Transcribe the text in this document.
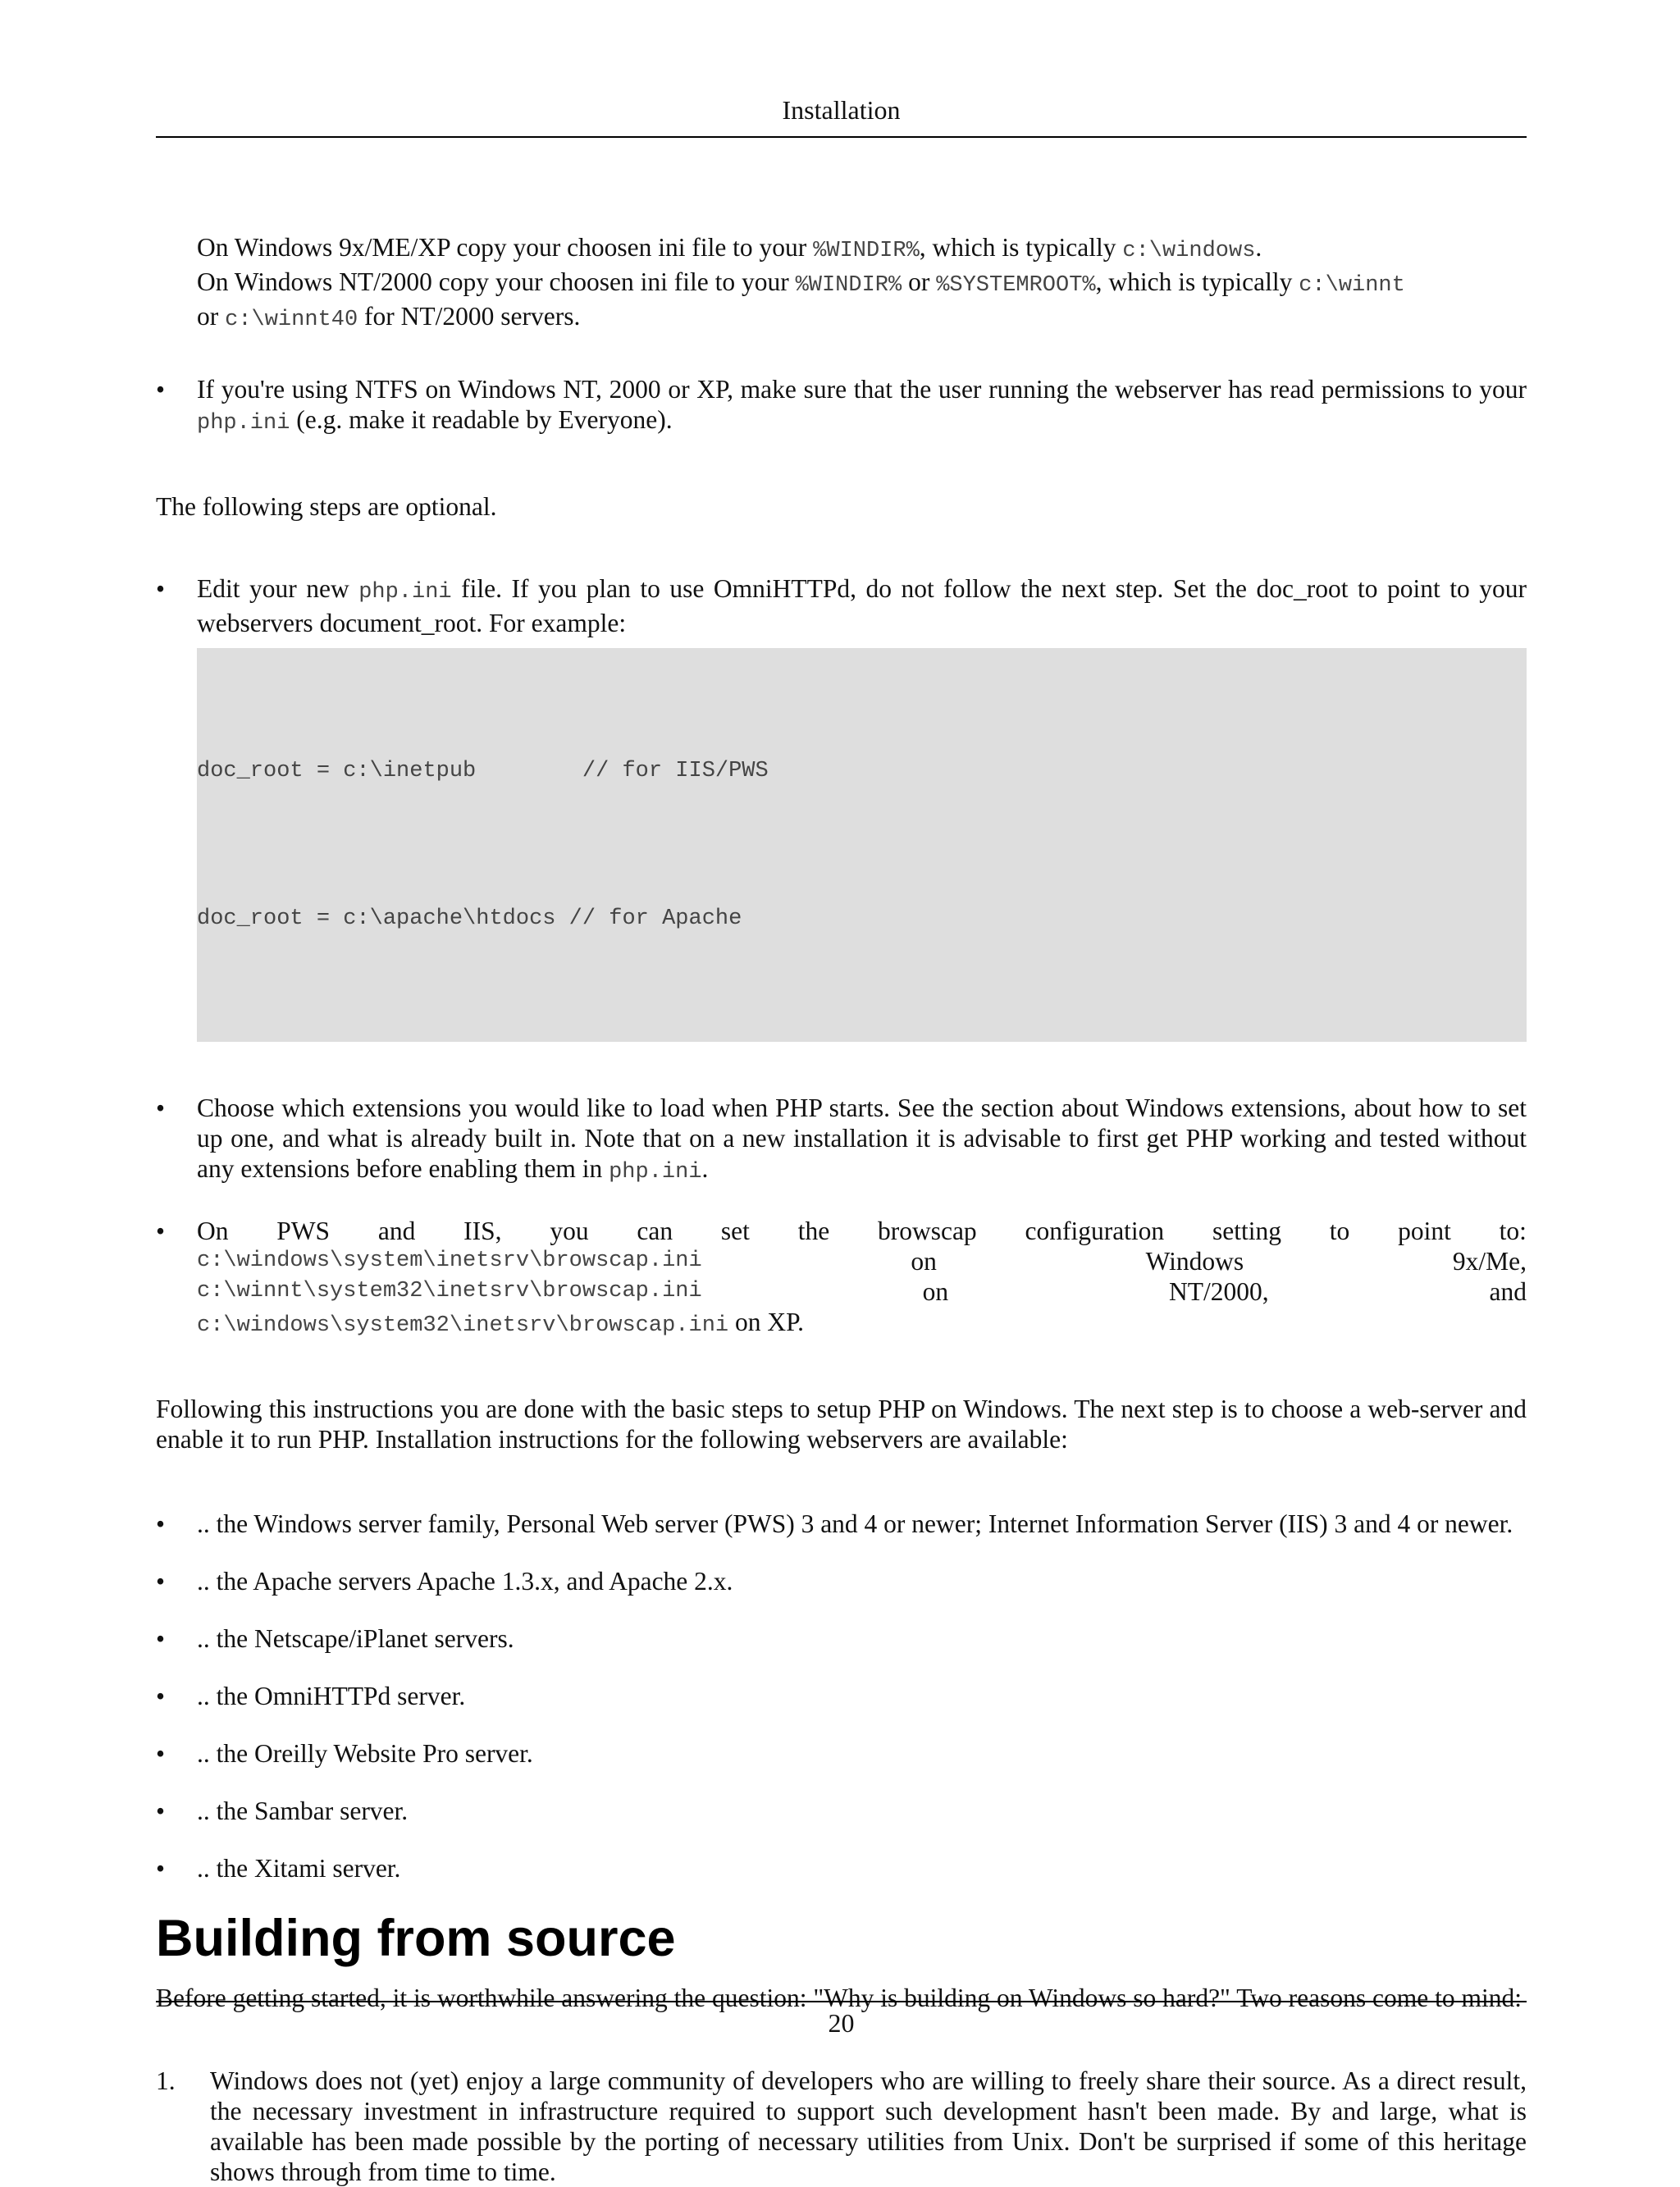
Installation

On Windows 9x/ME/XP copy your choosen ini file to your %WINDIR%, which is typically c:\windows.
On Windows NT/2000 copy your choosen ini file to your %WINDIR% or %SYSTEMROOT%, which is typically c:\winnt
or c:\winnt40 for NT/2000 servers.

• If you're using NTFS on Windows NT, 2000 or XP, make sure that the user running the webserver has read permissions to your php.ini (e.g. make it readable by Everyone).

The following steps are optional.

• Edit your new php.ini file. If you plan to use OmniHTTPd, do not follow the next step. Set the doc_root to point to your webservers document_root. For example:

doc_root = c:\inetpub        // for IIS/PWS

doc_root = c:\apache\htdocs // for Apache

• Choose which extensions you would like to load when PHP starts. See the section about Windows extensions, about how to set up one, and what is already built in. Note that on a new installation it is advisable to first get PHP working and tested without any extensions before enabling them in php.ini.

• On PWS and IIS, you can set the browscap configuration setting to point to:
c:\windows\system\inetsrv\browscap.ini	on	Windows	9x/Me,
c:\winnt\system32\inetsrv\browscap.ini	on	NT/2000,	and
c:\windows\system32\inetsrv\browscap.ini on XP.

Following this instructions you are done with the basic steps to setup PHP on Windows. The next step is to choose a web-server and enable it to run PHP. Installation instructions for the following webservers are available:

• .. the Windows server family, Personal Web server (PWS) 3 and 4 or newer; Internet Information Server (IIS) 3 and 4 or newer.

• .. the Apache servers Apache 1.3.x, and Apache 2.x.

• .. the Netscape/iPlanet servers.

• .. the OmniHTTPd server.

• .. the Oreilly Website Pro server.

• .. the Sambar server.

• .. the Xitami server.

Building from source

Before getting started, it is worthwhile answering the question: "Why is building on Windows so hard?" Two reasons come to mind:

1. Windows does not (yet) enjoy a large community of developers who are willing to freely share their source. As a direct result, the necessary investment in infrastructure required to support such development hasn't been made. By and large, what is available has been made possible by the porting of necessary utilities from Unix. Don't be surprised if some of this heritage shows through from time to time.

20
